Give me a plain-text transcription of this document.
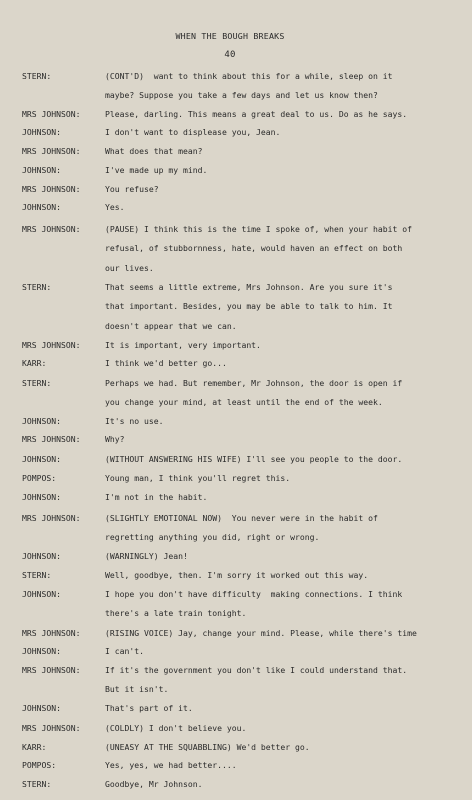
WHEN THE BOUGH BREAKS
40
STERN:	(CONT'D)  want to think about this for a while, sleep on it
maybe? Suppose you take a few days and let us know then?
MRS JOHNSON:	Please, darling. This means a great deal to us. Do as he says.
JOHNSON:	I don't want to displease you, Jean.
MRS JOHNSON:	What does that mean?
JOHNSON:	I've made up my mind.
MRS JOHNSON:	You refuse?
JOHNSON:	Yes.
MRS JOHNSON:	(PAUSE) I think this is the time I spoke of, when your habit of
refusal, of stubbornness, hate, would haven an effect on both
our lives.
STERN:	That seems a little extreme, Mrs Johnson. Are you sure it's
that important. Besides, you may be able to talk to him. It
doesn't appear that we can.
MRS JOHNSON:	It is important, very important.
KARR:	I think we'd better go...
STERN:	Perhaps we had. But remember, Mr Johnson, the door is open if
you change your mind, at least until the end of the week.
JOHNSON:	It's no use.
MRS JOHNSON:	Why?
JOHNSON:	(WITHOUT ANSWERING HIS WIFE) I'll see you people to the door.
POMPOS:	Young man, I think you'll regret this.
JOHNSON:	I'm not in the habit.
MRS JOHNSON:	(SLIGHTLY EMOTIONAL NOW)  You never were in the habit of
regretting anything you did, right or wrong.
JOHNSON:	(WARNINGLY) Jean!
STERN:	Well, goodbye, then. I'm sorry it worked out this way.
JOHNSON:	I hope you don't have difficulty  making connections. I think
there's a late train tonight.
MRS JOHNSON:	(RISING VOICE) Jay, change your mind. Please, while there's time
JOHNSON:	I can't.
MRS JOHNSON:	If it's the government you don't like I could understand that.
But it isn't.
JOHNSON:	That's part of it.
MRS JOHNSON:	(COLDLY) I don't believe you.
KARR:	(UNEASY AT THE SQUABBLING) We'd better go.
POMPOS:	Yes, yes, we had better....
STERN:	Goodbye, Mr Johnson.
